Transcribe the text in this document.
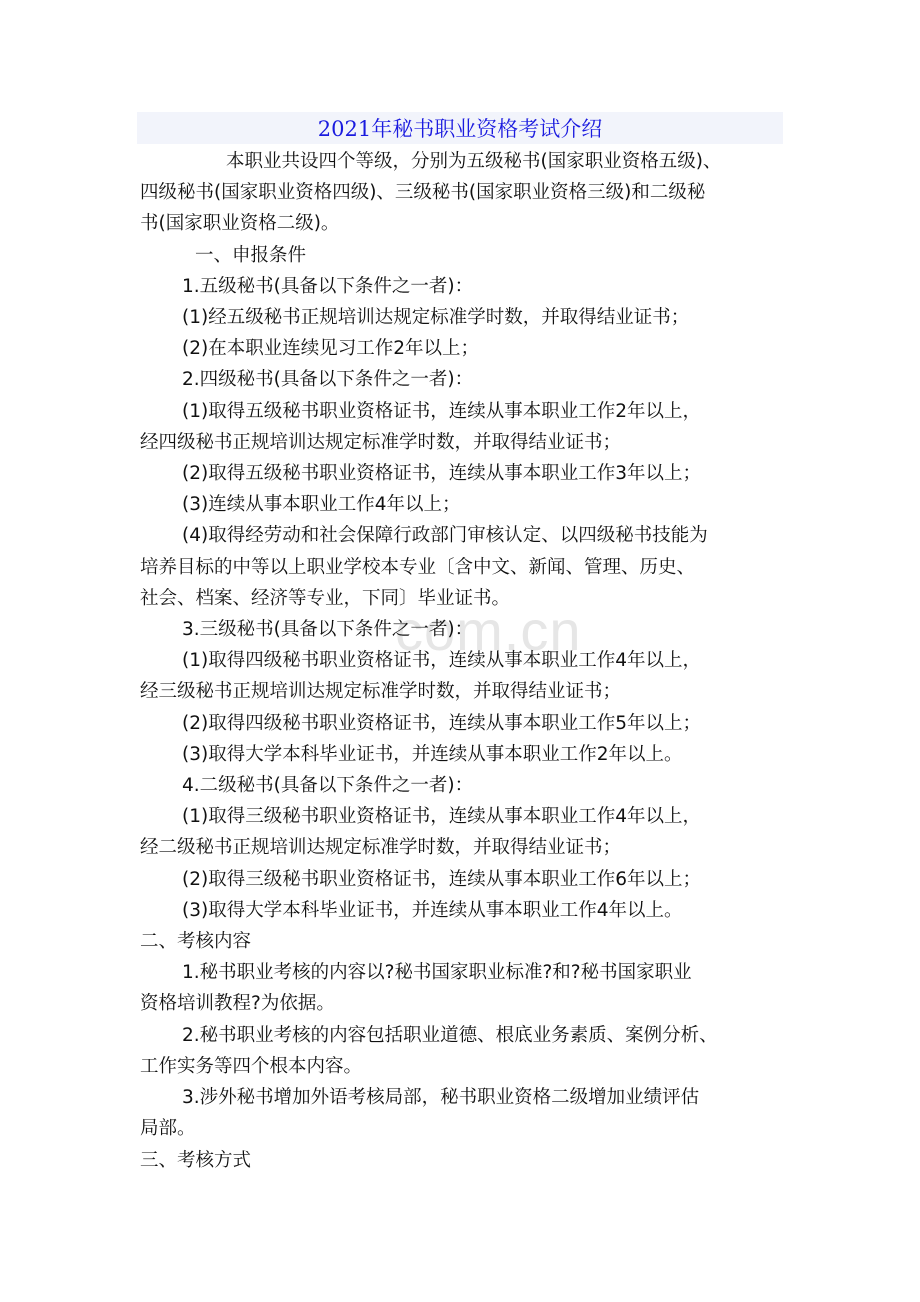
2021年秘书职业资格考试介绍
com.cn

本职业共设四个等级，分别为五级秘书(国家职业资格五级)、

四级秘书(国家职业资格四级)、三级秘书(国家职业资格三级)和二级秘

书(国家职业资格二级)。

一、申报条件

1.五级秘书(具备以下条件之一者)：

(1)经五级秘书正规培训达规定标准学时数，并取得结业证书；

(2)在本职业连续见习工作2年以上；

2.四级秘书(具备以下条件之一者)：

(1)取得五级秘书职业资格证书，连续从事本职业工作2年以上，

经四级秘书正规培训达规定标准学时数，并取得结业证书；

(2)取得五级秘书职业资格证书，连续从事本职业工作3年以上；

(3)连续从事本职业工作4年以上；

(4)取得经劳动和社会保障行政部门审核认定、以四级秘书技能为

培养目标的中等以上职业学校本专业〔含中文、新闻、管理、历史、

社会、档案、经济等专业，下同〕毕业证书。

3.三级秘书(具备以下条件之一者)：

(1)取得四级秘书职业资格证书，连续从事本职业工作4年以上，

经三级秘书正规培训达规定标准学时数，并取得结业证书；

(2)取得四级秘书职业资格证书，连续从事本职业工作5年以上；

(3)取得大学本科毕业证书，并连续从事本职业工作2年以上。

4.二级秘书(具备以下条件之一者)：

(1)取得三级秘书职业资格证书，连续从事本职业工作4年以上，

经二级秘书正规培训达规定标准学时数，并取得结业证书；

(2)取得三级秘书职业资格证书，连续从事本职业工作6年以上；

(3)取得大学本科毕业证书，并连续从事本职业工作4年以上。

二、考核内容

1.秘书职业考核的内容以?秘书国家职业标准?和?秘书国家职业

资格培训教程?为依据。

2.秘书职业考核的内容包括职业道德、根底业务素质、案例分析、

工作实务等四个根本内容。

3.涉外秘书增加外语考核局部，秘书职业资格二级增加业绩评估

局部。

三、考核方式
